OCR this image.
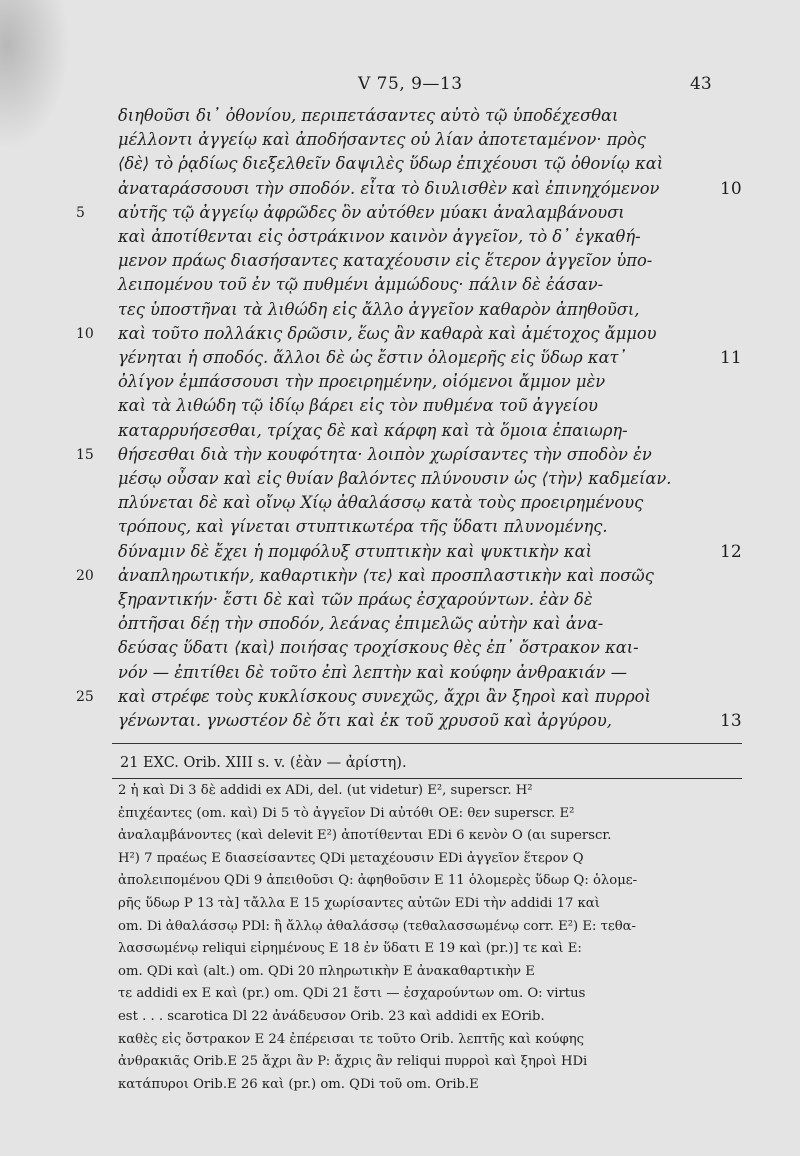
V 75, 9—13	43
διηθοῦσι δι᾽ ὀθονίου, περιπετάσαντες αὐτὸ τῷ ὑποδέχεσθαι
μέλλοντι ἀγγείῳ καὶ ἀποδήσαντες οὐ λίαν ἀποτεταμένον· πρὸς
⟨δὲ⟩ τὸ ῥᾳδίως διεξελθεῖν δαψιλὲς ὕδωρ ἐπιχέουσι τῷ ὀθονίῳ καὶ
ἀναταράσσουσι τὴν σποδόν. εἶτα τὸ διυλισθὲν καὶ ἐπινηχόμενον	10
αὐτῆς τῷ ἀγγείῳ ἀφρῶδες ὃν αὐτόθεν μύακι ἀναλαμβάνουσι
5
καὶ ἀποτίθενται εἰς ὀστράκινον καινὸν ἀγγεῖον, τὸ δ᾽ ἐγκαθή-
μενον πράως διασήσαντες καταχέουσιν εἰς ἕτερον ἀγγεῖον ὑπο-
λειπομένου τοῦ ἐν τῷ πυθμένι ἀμμώδους· πάλιν δὲ ἐάσαν-
τες ὑποστῆναι τὰ λιθώδη εἰς ἄλλο ἀγγεῖον καθαρὸν ἀπηθοῦσι,
καὶ τοῦτο πολλάκις δρῶσιν, ἕως ἂν καθαρὰ καὶ ἀμέτοχος ἄμμου
10
γένηται ἡ σποδός. ἄλλοι δὲ ὡς ἔστιν ὁλομερῆς εἰς ὕδωρ κατ᾽	11
ὀλίγον ἐμπάσσουσι τὴν προειρημένην, οἰόμενοι ἄμμον μὲν
καὶ τὰ λιθώδη τῷ ἰδίῳ βάρει εἰς τὸν πυθμένα τοῦ ἀγγείου
καταρρυήσεσθαι, τρίχας δὲ καὶ κάρφη καὶ τὰ ὅμοια ἐπαιωρη-
θήσεσθαι διὰ τὴν κουφότητα· λοιπὸν χωρίσαντες τὴν σποδὸν ἐν
15
μέσῳ οὖσαν καὶ εἰς θυίαν βαλόντες πλύνουσιν ὡς ⟨τὴν⟩ καδμείαν.
πλύνεται δὲ καὶ οἴνῳ Χίῳ ἀθαλάσσῳ κατὰ τοὺς προειρημένους
τρόπους, καὶ γίνεται στυπτικωτέρα τῆς ὕδατι πλυνομένης.
δύναμιν δὲ ἔχει ἡ πομφόλυξ στυπτικὴν καὶ ψυκτικὴν καὶ	12
ἀναπληρωτικήν, καθαρτικὴν ⟨τε⟩ καὶ προσπλαστικὴν καὶ ποσῶς
20
ξηραντικήν· ἔστι δὲ καὶ τῶν πράως ἐσχαρούντων. ἐὰν δὲ
ὀπτῆσαι δέῃ τὴν σποδόν, λεάνας ἐπιμελῶς αὐτὴν καὶ ἀνα-
δεύσας ὕδατι ⟨καὶ⟩ ποιήσας τροχίσκους θὲς ἐπ᾽ ὄστρακον και-
νόν — ἐπιτίθει δὲ τοῦτο ἐπὶ λεπτὴν καὶ κούφην ἀνθρακιάν —
καὶ στρέφε τοὺς κυκλίσκους συνεχῶς, ἄχρι ἂν ξηροὶ καὶ πυρροὶ
25
γένωνται. γνωστέον δὲ ὅτι καὶ ἐκ τοῦ χρυσοῦ καὶ ἀργύρου,	13
21 EXC. Orib. XIII s. v. (ἐὰν — ἀρίστη).
2 ἡ καὶ Di 3 δὲ addidi ex ADi, del. (ut videtur) E², superscr. H²
ἐπιχέαντες (om. καὶ) Di 5 τὸ ἀγγεῖον Di αὐτόθι OE: θεν superscr. E²
ἀναλαμβάνοντες (καὶ delevit E²) ἀποτίθενται EDi 6 κενὸν O (αι superscr.
H²) 7 πραέως E διασείσαντες QDi μεταχέουσιν EDi ἀγγεῖον ἕτερον Q
ἀπολειπομένου QDi 9 ἀπειθοῦσι Q: ἀφηθοῦσιν E 11 ὁλομερὲς ὕδωρ Q: ὁλομε-
ρῆς ὕδωρ P 13 τὰ] τἄλλα E 15 χωρίσαντες αὐτῶν EDi τὴν addidi 17 καὶ
om. Di ἀθαλάσσῳ PDl: ἢ ἄλλῳ ἀθαλάσσῳ (τεθαλασσωμένῳ corr. E²) E: τεθα-
λασσωμένῳ reliqui εἰρημένους E 18 ἐν ὕδατι E 19 καὶ (pr.)] τε καὶ E:
om. QDi καὶ (alt.) om. QDi 20 πληρωτικὴν E ἀνακαθαρτικὴν E
τε addidi ex E καὶ (pr.) om. QDi 21 ἔστι — ἐσχαρούντων om. O: virtus
est . . . scarotica Dl 22 ἀνάδευσον Orib. 23 καὶ addidi ex EOrib.
καθὲς εἰς ὄστρακον E 24 ἐπέρεισαι τε τοῦτο Orib. λεπτῆς καὶ κούφης
ἀνθρακιᾶς Orib.E 25 ἄχρι ἂν P: ἄχρις ἂν reliqui πυρροὶ καὶ ξηροὶ HDi
κατάπυροι Orib.E 26 καὶ (pr.) om. QDi τοῦ om. Orib.E
